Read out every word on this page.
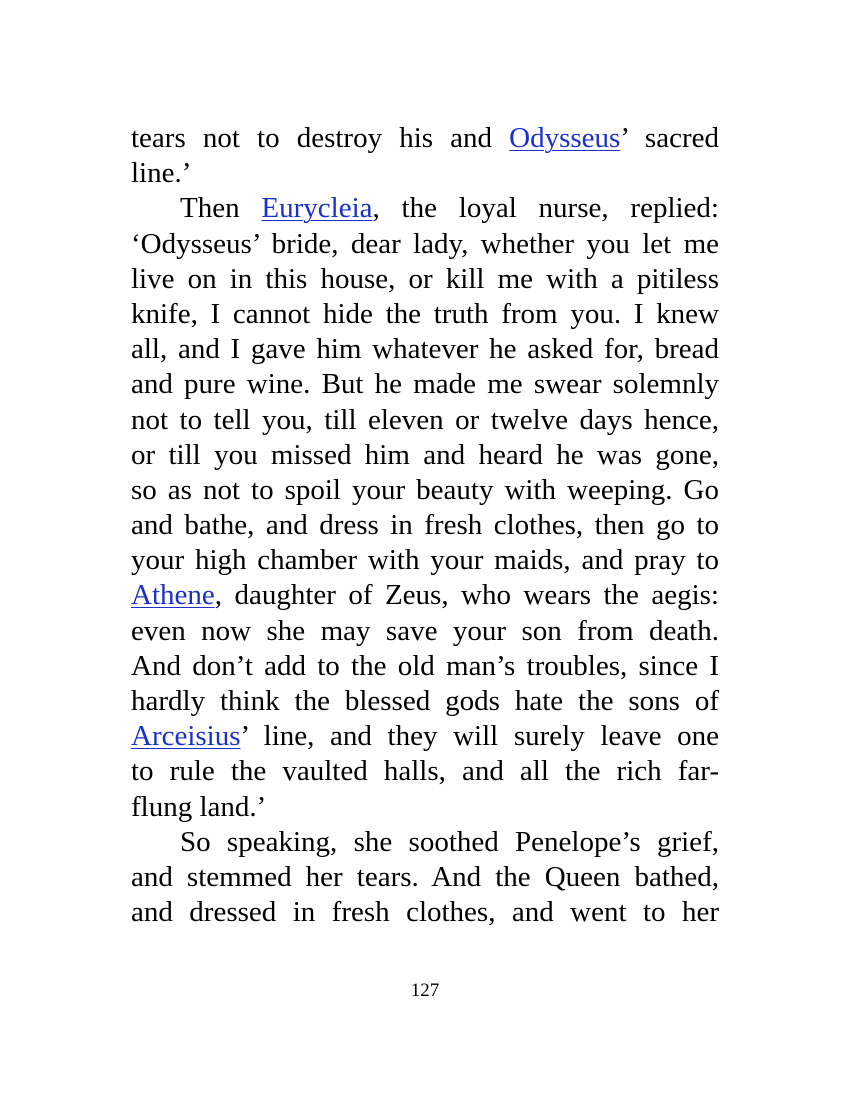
tears not to destroy his and Odysseus’ sacred
line.’
Then Eurycleia, the loyal nurse, replied:
‘Odysseus’ bride, dear lady, whether you let me
live on in this house, or kill me with a pitiless
knife, I cannot hide the truth from you. I knew
all, and I gave him whatever he asked for, bread
and pure wine. But he made me swear solemnly
not to tell you, till eleven or twelve days hence,
or till you missed him and heard he was gone,
so as not to spoil your beauty with weeping. Go
and bathe, and dress in fresh clothes, then go to
your high chamber with your maids, and pray to
Athene, daughter of Zeus, who wears the aegis:
even now she may save your son from death.
And don’t add to the old man’s troubles, since I
hardly think the blessed gods hate the sons of
Arceisius’ line, and they will surely leave one
to rule the vaulted halls, and all the rich far-
flung land.’
So speaking, she soothed Penelope’s grief,
and stemmed her tears. And the Queen bathed,
and dressed in fresh clothes, and went to her
127
